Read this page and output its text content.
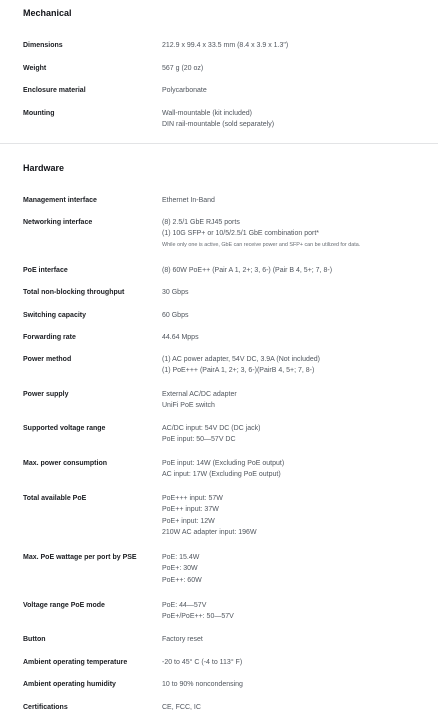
Mechanical
Dimensions	212.9 x 99.4 x 33.5 mm (8.4 x 3.9 x 1.3")
Weight	567 g (20 oz)
Enclosure material	Polycarbonate
Mounting	Wall-mountable (kit included)
DIN rail-mountable (sold separately)
Hardware
Management interface	Ethernet In-Band
Networking interface	(8) 2.5/1 GbE RJ45 ports
(1) 10G SFP+ or 10/5/2.5/1 GbE combination port*
While only one is active, GbE can receive power and SFP+ can be utilized for data.
PoE interface	(8) 60W PoE++ (Pair A 1, 2+; 3, 6-) (Pair B 4, 5+; 7, 8-)
Total non-blocking throughput	30 Gbps
Switching capacity	60 Gbps
Forwarding rate	44.64 Mpps
Power method	(1) AC power adapter, 54V DC, 3.9A (Not included)
(1) PoE+++ (PairA 1, 2+; 3, 6-)(PairB 4, 5+; 7, 8-)
Power supply	External AC/DC adapter
UniFi PoE switch
Supported voltage range	AC/DC input: 54V DC (DC jack)
PoE input: 50—57V DC
Max. power consumption	PoE input: 14W (Excluding PoE output)
AC input: 17W (Excluding PoE output)
Total available PoE	PoE+++ input: 57W
PoE++ input: 37W
PoE+ input: 12W
210W AC adapter input: 196W
Max. PoE wattage per port by PSE	PoE: 15.4W
PoE+: 30W
PoE++: 60W
Voltage range PoE mode	PoE: 44—57V
PoE+/PoE++: 50—57V
Button	Factory reset
Ambient operating temperature	-20 to 45° C (-4 to 113° F)
Ambient operating humidity	10 to 90% noncondensing
Certifications	CE, FCC, IC
